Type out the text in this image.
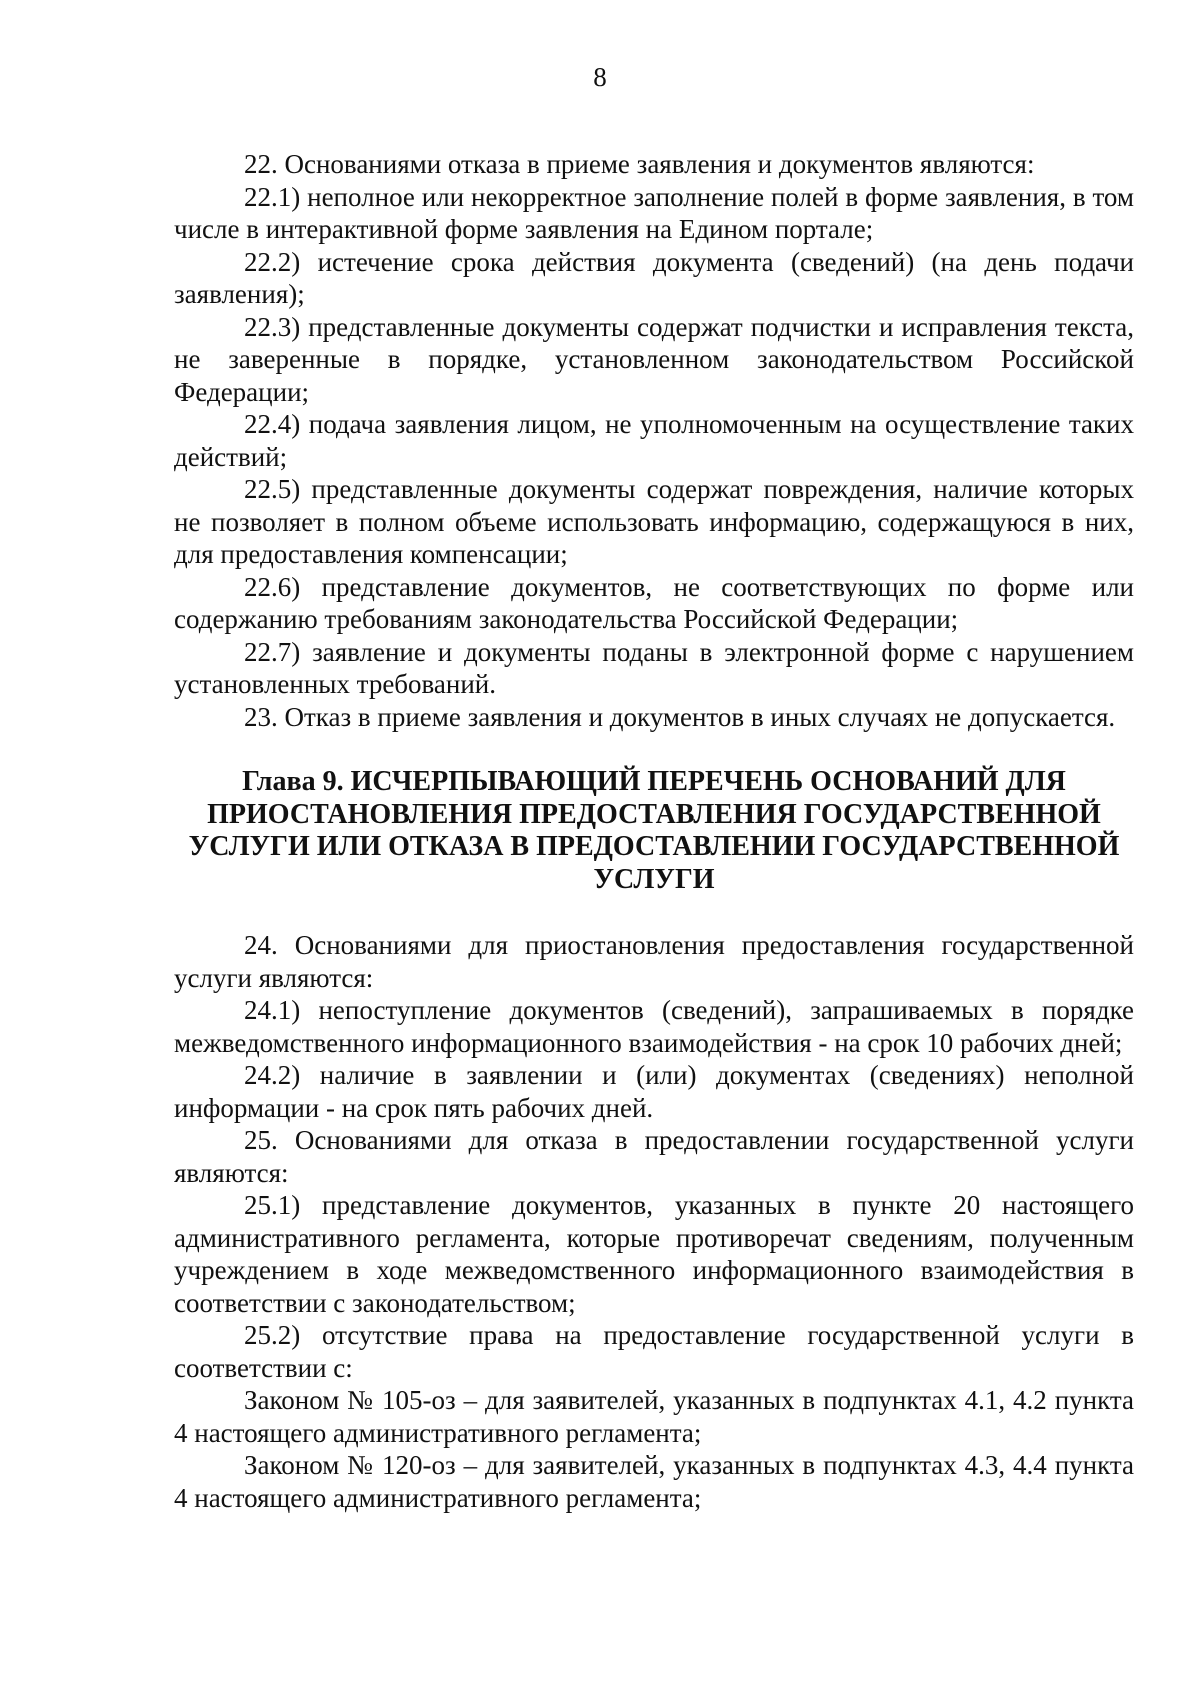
8

22. Основаниями отказа в приеме заявления и документов являются:

22.1) неполное или некорректное заполнение полей в форме заявления, в том числе в интерактивной форме заявления на Едином портале;

22.2) истечение срока действия документа (сведений) (на день подачи заявления);

22.3) представленные документы содержат подчистки и исправления текста, не заверенные в порядке, установленном законодательством Российской Федерации;

22.4) подача заявления лицом, не уполномоченным на осуществление таких действий;

22.5) представленные документы содержат повреждения, наличие которых не позволяет в полном объеме использовать информацию, содержащуюся в них, для предоставления компенсации;

22.6) представление документов, не соответствующих по форме или содержанию требованиям законодательства Российской Федерации;

22.7) заявление и документы поданы в электронной форме с нарушением установленных требований.

23. Отказ в приеме заявления и документов в иных случаях не допускается.

Глава 9. ИСЧЕРПЫВАЮЩИЙ ПЕРЕЧЕНЬ ОСНОВАНИЙ ДЛЯ ПРИОСТАНОВЛЕНИЯ ПРЕДОСТАВЛЕНИЯ ГОСУДАРСТВЕННОЙ УСЛУГИ ИЛИ ОТКАЗА В ПРЕДОСТАВЛЕНИИ ГОСУДАРСТВЕННОЙ УСЛУГИ

24. Основаниями для приостановления предоставления государственной услуги являются:

24.1) непоступление документов (сведений), запрашиваемых в порядке межведомственного информационного взаимодействия - на срок 10 рабочих дней;

24.2) наличие в заявлении и (или) документах (сведениях) неполной информации - на срок пять рабочих дней.

25. Основаниями для отказа в предоставлении государственной услуги являются:

25.1) представление документов, указанных в пункте 20 настоящего административного регламента, которые противоречат сведениям, полученным учреждением в ходе межведомственного информационного взаимодействия в соответствии с законодательством;

25.2) отсутствие права на предоставление государственной услуги в соответствии с:

Законом № 105-оз – для заявителей, указанных в подпунктах 4.1, 4.2 пункта 4 настоящего административного регламента;

Законом № 120-оз – для заявителей, указанных в подпунктах 4.3, 4.4 пункта 4 настоящего административного регламента;
